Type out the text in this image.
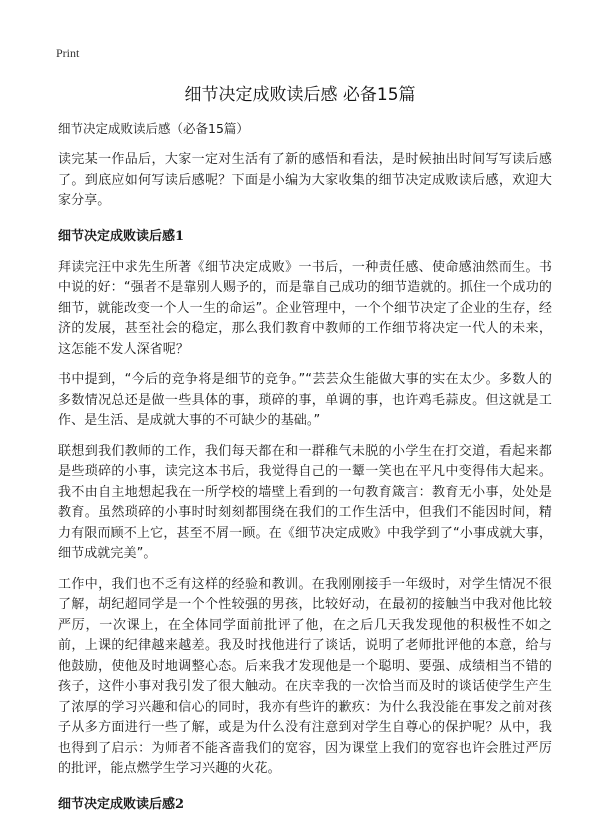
Print
细节决定成败读后感 必备15篇
细节决定成败读后感（必备15篇）

读完某一作品后，大家一定对生活有了新的感悟和看法，是时候抽出时间写写读后感了。到底应如何写读后感呢？下面是小编为大家收集的细节决定成败读后感，欢迎大家分享。

细节决定成败读后感1

拜读完汪中求先生所著《细节决定成败》一书后，一种责任感、使命感油然而生。书中说的好：“强者不是靠别人赐予的，而是靠自己成功的细节造就的。抓住一个成功的细节，就能改变一个人一生的命运”。企业管理中，一个个细节决定了企业的生存，经济的发展，甚至社会的稳定，那么我们教育中教师的工作细节将决定一代人的未来，这怎能不发人深省呢？

书中提到，“今后的竞争将是细节的竞争。”“芸芸众生能做大事的实在太少。多数人的多数情况总还是做一些具体的事，琐碎的事，单调的事，也许鸡毛蒜皮。但这就是工作、是生活、是成就大事的不可缺少的基础。”

联想到我们教师的工作，我们每天都在和一群稚气未脱的小学生在打交道，看起来都是些琐碎的小事，读完这本书后，我觉得自己的一颦一笑也在平凡中变得伟大起来。我不由自主地想起我在一所学校的墙壁上看到的一句教育箴言：教育无小事，处处是教育。虽然琐碎的小事时时刻刻都围绕在我们的工作生活中，但我们不能因时间，精力有限而顾不上它，甚至不屑一顾。在《细节决定成败》中我学到了“小事成就大事，细节成就完美”。

工作中，我们也不乏有这样的经验和教训。在我刚刚接手一年级时，对学生情况不很了解，胡纪超同学是一个个性较强的男孩，比较好动，在最初的接触当中我对他比较严厉，一次课上，在全体同学面前批评了他，在之后几天我发现他的积极性不如之前，上课的纪律越来越差。我及时找他进行了谈话，说明了老师批评他的本意，给与他鼓励，使他及时地调整心态。后来我才发现他是一个聪明、要强、成绩相当不错的孩子，这件小事对我引发了很大触动。在庆幸我的一次恰当而及时的谈话使学生产生了浓厚的学习兴趣和信心的同时，我亦有些许的歉疚：为什么我没能在事发之前对孩子从多方面进行一些了解，或是为什么没有注意到对学生自尊心的保护呢？从中，我也得到了启示：为师者不能吝啬我们的宽容，因为课堂上我们的宽容也许会胜过严厉的批评，能点燃学生学习兴趣的火花。

细节决定成败读后感2
